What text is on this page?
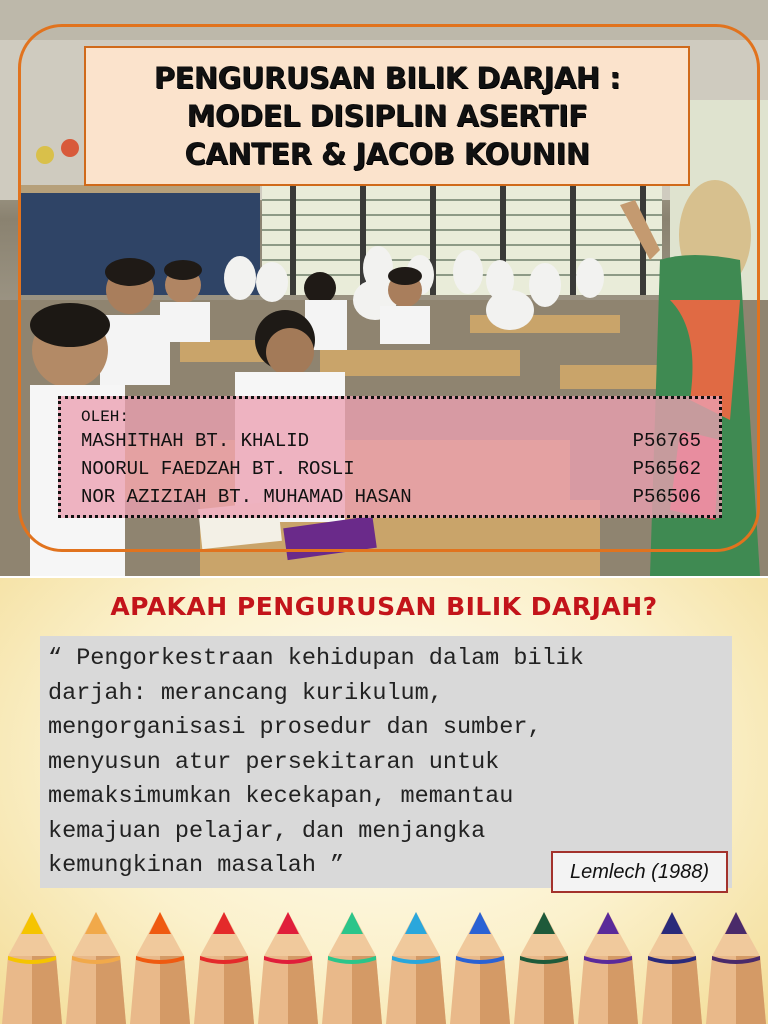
PENGURUSAN BILIK DARJAH :
MODEL DISIPLIN ASERTIF
CANTER & JACOB KOUNIN
OLEH:
MASHITHAH BT. KHALID	P56765
NOORUL FAEDZAH BT. ROSLI	P56562
NOR AZIZIAH BT. MUHAMAD HASAN	P56506
APAKAH PENGURUSAN BILIK DARJAH?
“ Pengorkestraan kehidupan dalam bilik
darjah: merancang kurikulum,
mengorganisasi prosedur dan sumber,
menyusun atur persekitaran untuk
memaksimumkan kecekapan, memantau
kemajuan pelajar, dan menjangka
kemungkinan masalah ”	Lemlech (1988)
